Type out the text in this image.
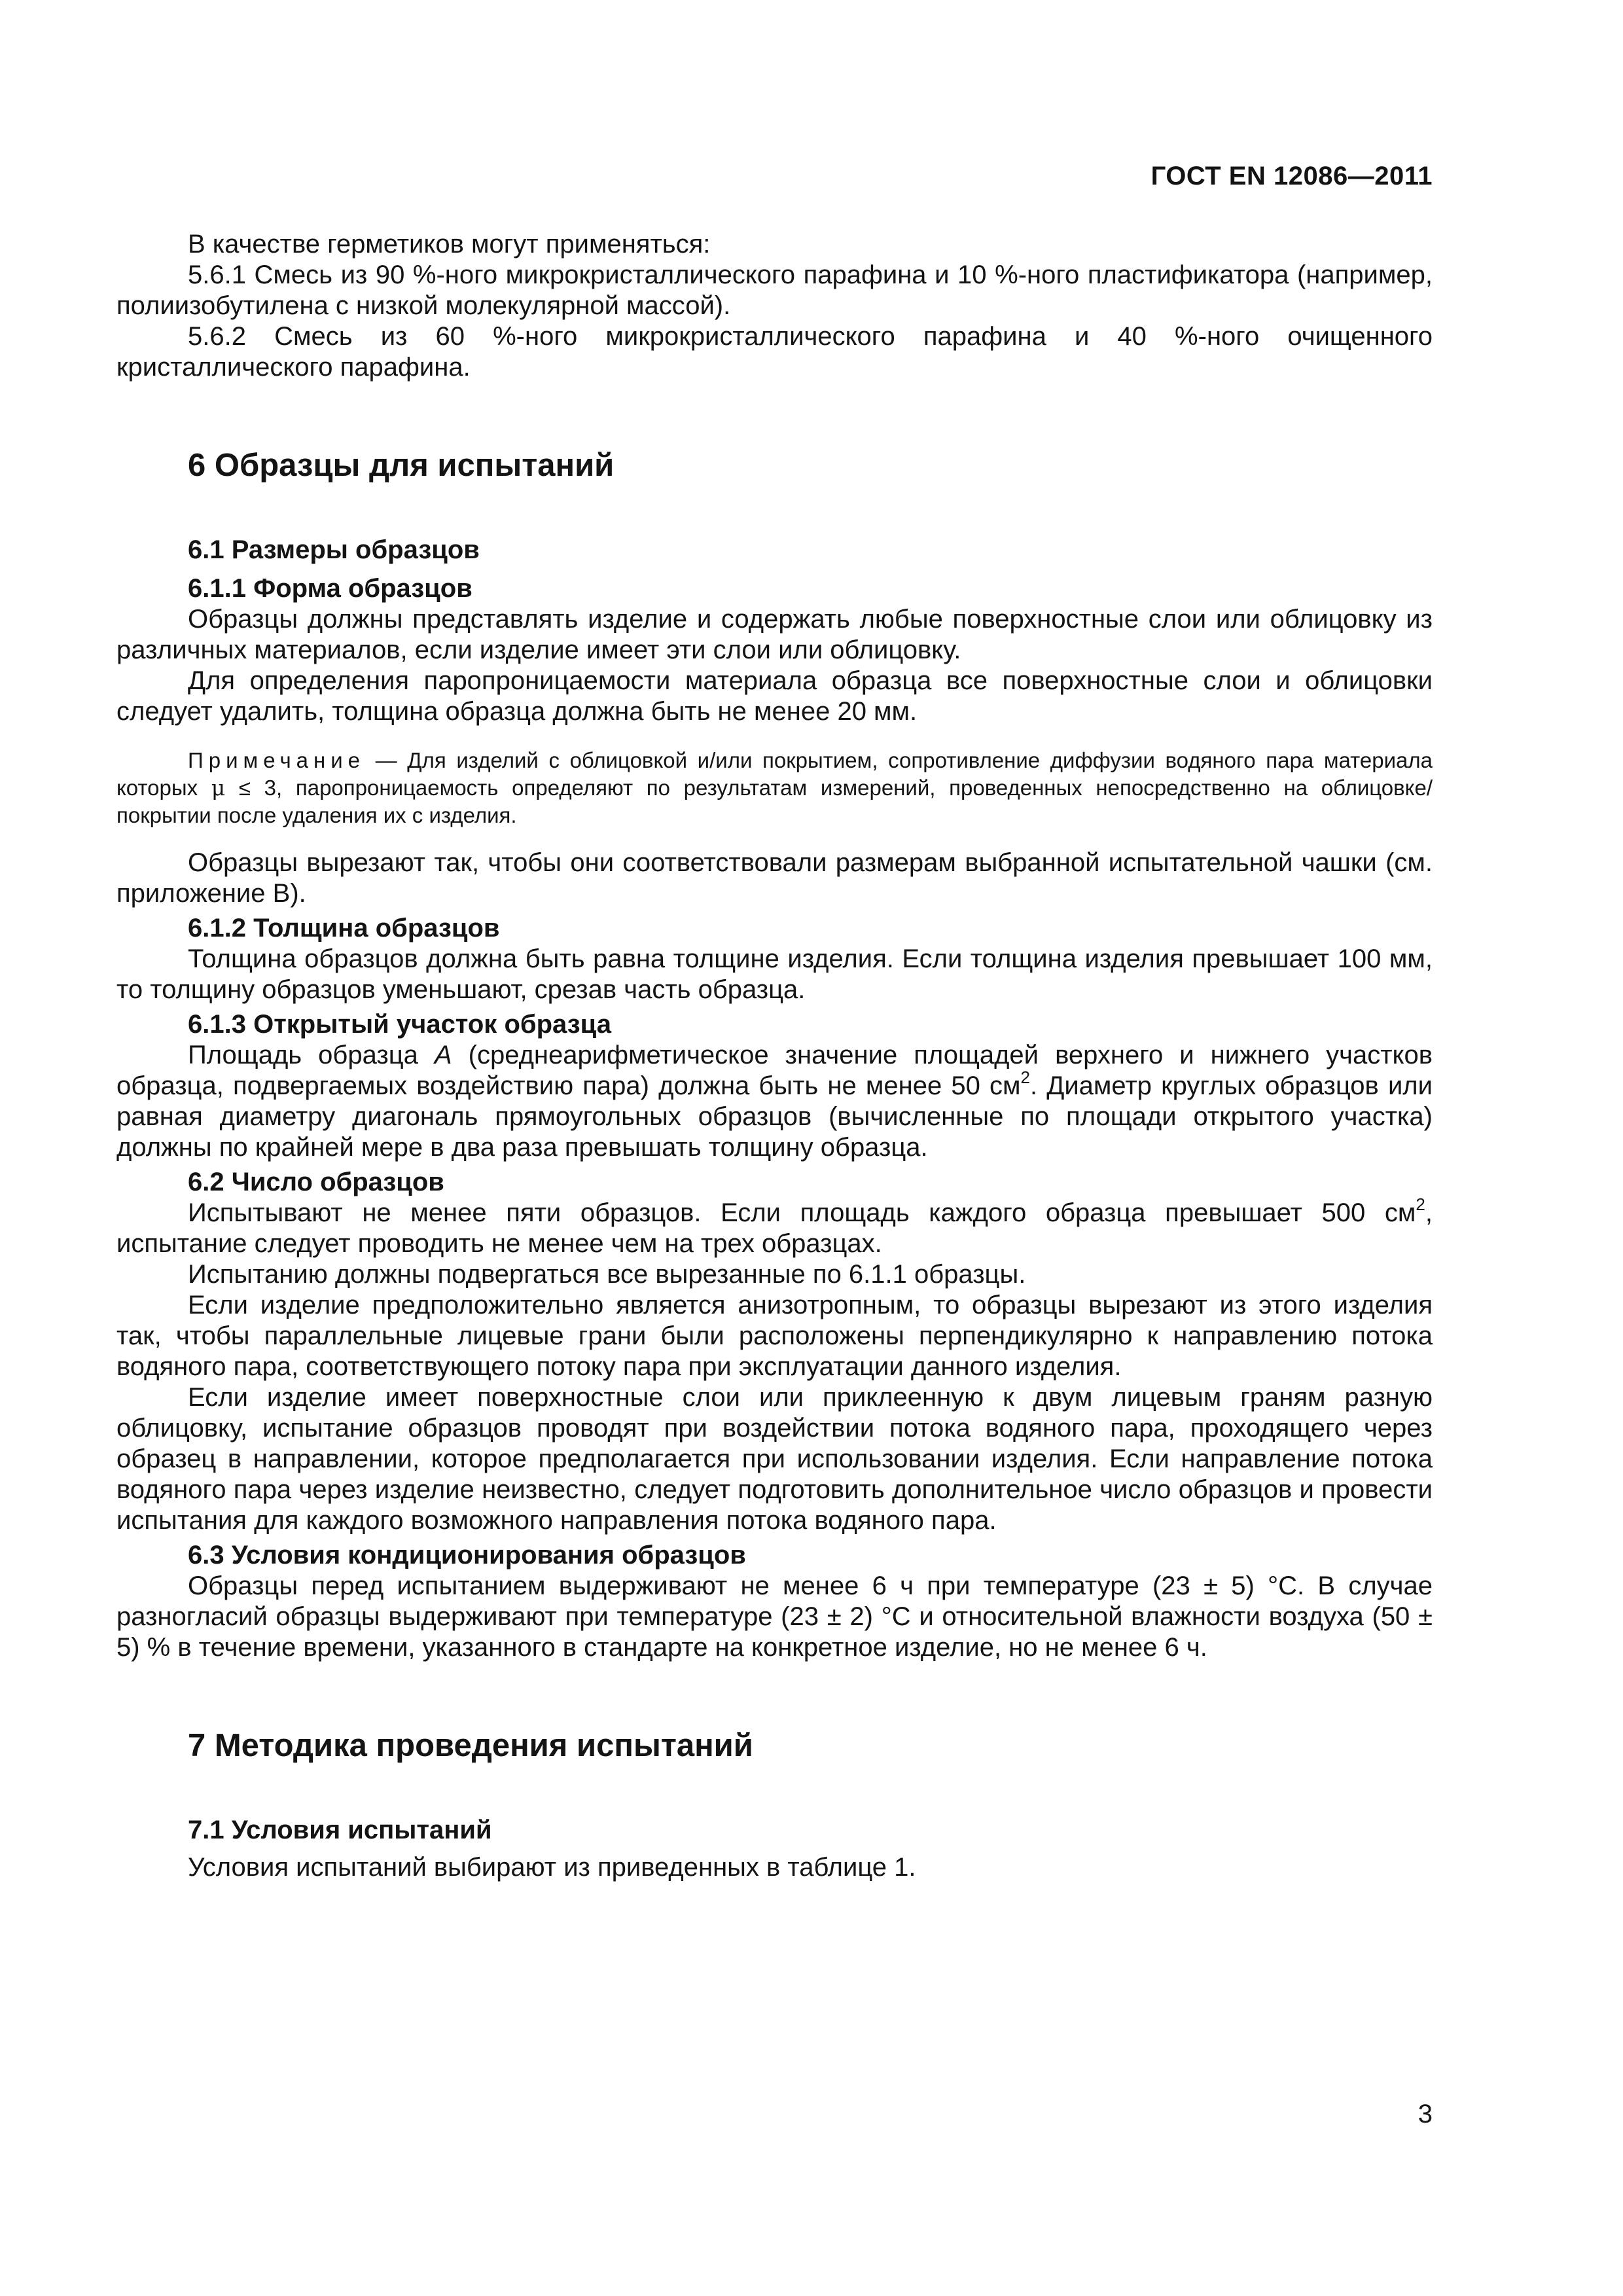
ГОСТ EN 12086—2011

В качестве герметиков могут применяться:

5.6.1 Смесь из 90 %-ного микрокристаллического парафина и 10 %-ного пластификатора (например, полиизобутилена с низкой молекулярной массой).

5.6.2 Смесь из 60 %-ного микрокристаллического парафина и 40 %-ного очищенного кристаллического парафина.

6 Образцы для испытаний
6.1 Размеры образцов
6.1.1 Форма образцов

Образцы должны представлять изделие и содержать любые поверхностные слои или облицовку из различных материалов, если изделие имеет эти слои или облицовку.

Для определения паропроницаемости материала образца все поверхностные слои и облицовки следует удалить, толщина образца должна быть не менее 20 мм.

Примечание — Для изделий с облицовкой и/или покрытием, сопротивление диффузии водяного пара материала которых μ ≤ 3, паропроницаемость определяют по результатам измерений, проведенных непосредственно на облицовке/покрытии после удаления их с изделия.

Образцы вырезают так, чтобы они соответствовали размерам выбранной испытательной чашки (см. приложение В).

6.1.2 Толщина образцов

Толщина образцов должна быть равна толщине изделия. Если толщина изделия превышает 100 мм, то толщину образцов уменьшают, срезав часть образца.

6.1.3 Открытый участок образца

Площадь образца A (среднеарифметическое значение площадей верхнего и нижнего участков образца, подвергаемых воздействию пара) должна быть не менее 50 $см^2$. Диаметр круглых образцов или равная диаметру диагональ прямоугольных образцов (вычисленные по площади открытого участка) должны по крайней мере в два раза превышать толщину образца.

6.2 Число образцов

Испытывают не менее пяти образцов. Если площадь каждого образца превышает 500 $см^2$, испытание следует проводить не менее чем на трех образцах.

Испытанию должны подвергаться все вырезанные по 6.1.1 образцы.

Если изделие предположительно является анизотропным, то образцы вырезают из этого изделия так, чтобы параллельные лицевые грани были расположены перпендикулярно к направлению потока водяного пара, соответствующего потоку пара при эксплуатации данного изделия.

Если изделие имеет поверхностные слои или приклеенную к двум лицевым граням разную облицовку, испытание образцов проводят при воздействии потока водяного пара, проходящего через образец в направлении, которое предполагается при использовании изделия. Если направление потока водяного пара через изделие неизвестно, следует подготовить дополнительное число образцов и провести испытания для каждого возможного направления потока водяного пара.

6.3 Условия кондиционирования образцов

Образцы перед испытанием выдерживают не менее 6 ч при температуре (23 ± 5) °С. В случае разногласий образцы выдерживают при температуре (23 ± 2) °С и относительной влажности воздуха (50 ± 5) % в течение времени, указанного в стандарте на конкретное изделие, но не менее 6 ч.

7 Методика проведения испытаний
7.1 Условия испытаний

Условия испытаний выбирают из приведенных в таблице 1.

3
